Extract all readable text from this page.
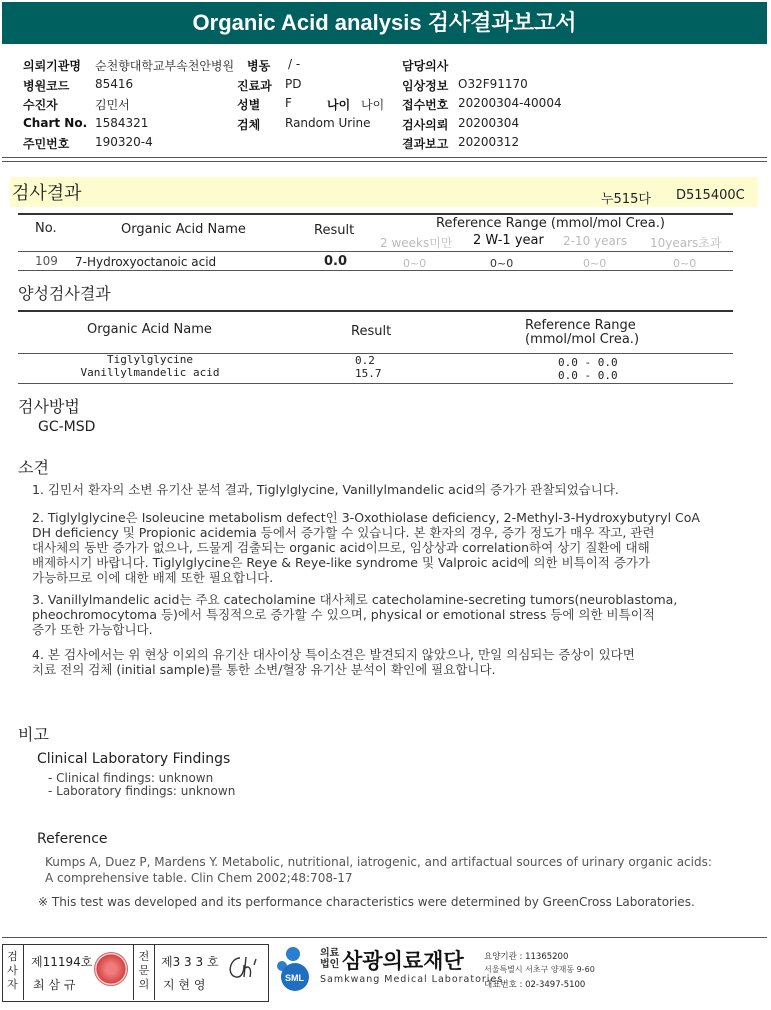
Organic Acid analysis 검사결과보고서
의뢰기관명 순천향대학교부속천안병원 병동 / -	담당의사
병원코드 85416	진료과 PD	임상정보 O32F91170
수진자	김민서	성별 F	나이 나이 접수번호 20200304-40004
Chart No. 1584321	검체 Random Urine	검사의뢰 20200304
주민번호 190320-4	결과보고 20200312
검사결과	누515다 D515400C
No.	Organic Acid Name	Result	Reference Range (mmol/mol Crea.)
2 weeks미만 2 W-1 year 2-10 years 10years초과
109 7-Hydroxyoctanoic acid	0.0	0~0	0~0	0~0	0~0
양성검사결과
Organic Acid Name	Result	Reference Range
(mmol/mol Crea.)
Tiglylglycine	0.2	0.0 - 0.0
Vanillylmandelic acid	15.7	0.0 - 0.0
검사방법
GC-MSD
소견
1. 김민서 환자의 소변 유기산 분석 결과, Tiglylglycine, Vanillylmandelic acid의 증가가 관찰되었습니다.
2. Tiglylglycine은 Isoleucine metabolism defect인 3-Oxothiolase deficiency, 2-Methyl-3-Hydroxybutyryl CoA
DH deficiency 및 Propionic acidemia 등에서 증가할 수 있습니다. 본 환자의 경우, 증가 정도가 매우 작고, 관련
대사체의 동반 증가가 없으나, 드물게 검출되는 organic acid이므로, 임상상과 correlation하여 상기 질환에 대해
배제하시기 바랍니다. Tiglylglycine은 Reye & Reye-like syndrome 및 Valproic acid에 의한 비특이적 증가가
가능하므로 이에 대한 배제 또한 필요합니다.
3. Vanillylmandelic acid는 주요 catecholamine 대사체로 catecholamine-secreting tumors(neuroblastoma,
pheochromocytoma 등)에서 특징적으로 증가할 수 있으며, physical or emotional stress 등에 의한 비특이적
증가 또한 가능합니다.
4. 본 검사에서는 위 현상 이외의 유기산 대사이상 특이소견은 발견되지 않았으나, 만일 의심되는 증상이 있다면
치료 전의 검체 (initial sample)를 통한 소변/혈장 유기산 분석이 확인에 필요합니다.
비고
Clinical Laboratory Findings
- Clinical findings: unknown
- Laboratory findings: unknown
Reference
Kumps A, Duez P, Mardens Y. Metabolic, nutritional, iatrogenic, and artifactual sources of urinary organic acids:
A comprehensive table. Clin Chem 2002;48:708-17
※ This test was developed and its performance characteristics were determined by GreenCross Laboratories.
검
사
자
제11194호
최 삼 규
전
문
의
제3 3 3 호
지 현 영	SML
의료
법인 삼광의료재단
Samkwang Medical Laboratories
요양기관 : 11365200
서울특별시 서초구 양재동 9-60
대표번호 : 02-3497-5100
